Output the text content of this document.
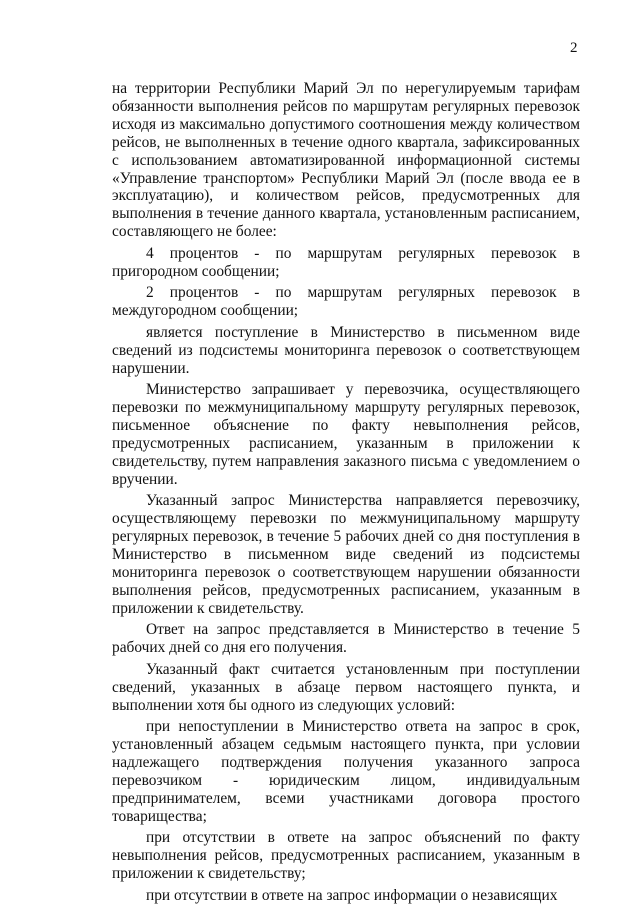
2

на территории Республики Марий Эл по нерегулируемым тарифам обязанности выполнения рейсов по маршрутам регулярных перевозок исходя из максимально допустимого соотношения между количеством рейсов, не выполненных в течение одного квартала, зафиксированных с использованием автоматизированной информационной системы «Управление транспортом» Республики Марий Эл (после ввода ее в эксплуатацию), и количеством рейсов, предусмотренных для выполнения в течение данного квартала, установленным расписанием, составляющего не более:

4 процентов - по маршрутам регулярных перевозок в пригородном сообщении;

2 процентов - по маршрутам регулярных перевозок в междугородном сообщении;

является поступление в Министерство в письменном виде сведений из подсистемы мониторинга перевозок о соответствующем нарушении.

Министерство запрашивает у перевозчика, осуществляющего перевозки по межмуниципальному маршруту регулярных перевозок, письменное объяснение по факту невыполнения рейсов, предусмотренных расписанием, указанным в приложении к свидетельству, путем направления заказного письма с уведомлением о вручении.

Указанный запрос Министерства направляется перевозчику, осуществляющему перевозки по межмуниципальному маршруту регулярных перевозок, в течение 5 рабочих дней со дня поступления в Министерство в письменном виде сведений из подсистемы мониторинга перевозок о соответствующем нарушении обязанности выполнения рейсов, предусмотренных расписанием, указанным в приложении к свидетельству.

Ответ на запрос представляется в Министерство в течение 5 рабочих дней со дня его получения.

Указанный факт считается установленным при поступлении сведений, указанных в абзаце первом настоящего пункта, и выполнении хотя бы одного из следующих условий:

при непоступлении в Министерство ответа на запрос в срок, установленный абзацем седьмым настоящего пункта, при условии надлежащего подтверждения получения указанного запроса перевозчиком - юридическим лицом, индивидуальным предпринимателем, всеми участниками договора простого товарищества;

при отсутствии в ответе на запрос объяснений по факту невыполнения рейсов, предусмотренных расписанием, указанным в приложении к свидетельству;

при отсутствии в ответе на запрос информации о независящих
